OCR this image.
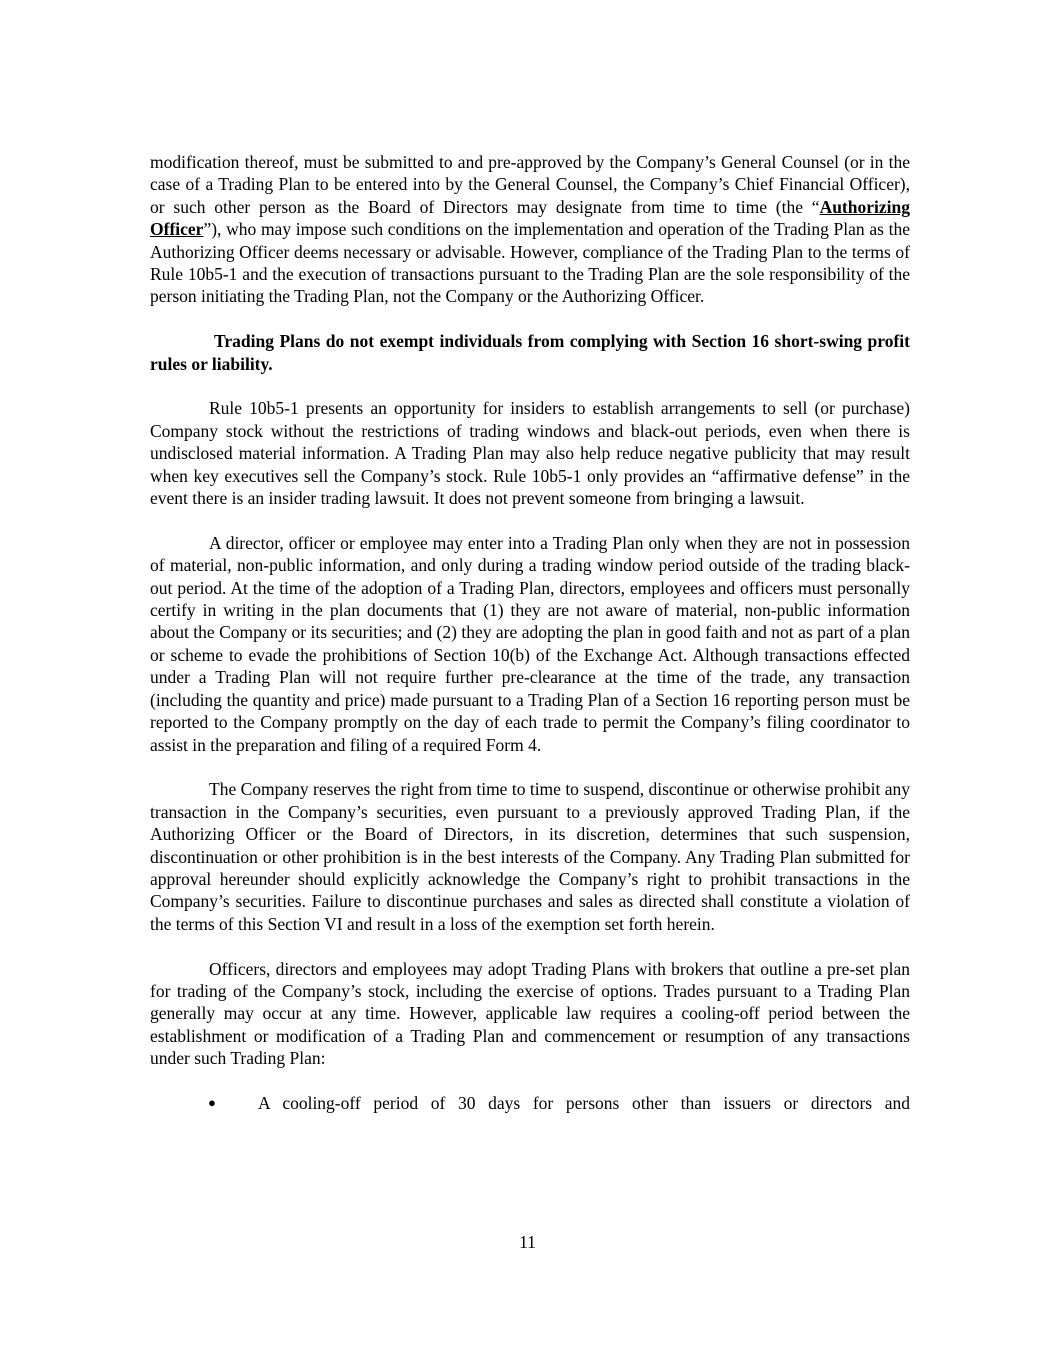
modification thereof, must be submitted to and pre-approved by the Company’s General Counsel (or in the case of a Trading Plan to be entered into by the General Counsel, the Company’s Chief Financial Officer), or such other person as the Board of Directors may designate from time to time (the “Authorizing Officer”), who may impose such conditions on the implementation and operation of the Trading Plan as the Authorizing Officer deems necessary or advisable. However, compliance of the Trading Plan to the terms of Rule 10b5-1 and the execution of transactions pursuant to the Trading Plan are the sole responsibility of the person initiating the Trading Plan, not the Company or the Authorizing Officer.

Trading Plans do not exempt individuals from complying with Section 16 short-swing profit rules or liability.

Rule 10b5-1 presents an opportunity for insiders to establish arrangements to sell (or purchase) Company stock without the restrictions of trading windows and black-out periods, even when there is undisclosed material information. A Trading Plan may also help reduce negative publicity that may result when key executives sell the Company’s stock. Rule 10b5-1 only provides an “affirmative defense” in the event there is an insider trading lawsuit. It does not prevent someone from bringing a lawsuit.

A director, officer or employee may enter into a Trading Plan only when they are not in possession of material, non-public information, and only during a trading window period outside of the trading black-out period. At the time of the adoption of a Trading Plan, directors, employees and officers must personally certify in writing in the plan documents that (1) they are not aware of material, non-public information about the Company or its securities; and (2) they are adopting the plan in good faith and not as part of a plan or scheme to evade the prohibitions of Section 10(b) of the Exchange Act. Although transactions effected under a Trading Plan will not require further pre-clearance at the time of the trade, any transaction (including the quantity and price) made pursuant to a Trading Plan of a Section 16 reporting person must be reported to the Company promptly on the day of each trade to permit the Company’s filing coordinator to assist in the preparation and filing of a required Form 4.

The Company reserves the right from time to time to suspend, discontinue or otherwise prohibit any transaction in the Company’s securities, even pursuant to a previously approved Trading Plan, if the Authorizing Officer or the Board of Directors, in its discretion, determines that such suspension, discontinuation or other prohibition is in the best interests of the Company. Any Trading Plan submitted for approval hereunder should explicitly acknowledge the Company’s right to prohibit transactions in the Company’s securities. Failure to discontinue purchases and sales as directed shall constitute a violation of the terms of this Section VI and result in a loss of the exemption set forth herein.

Officers, directors and employees may adopt Trading Plans with brokers that outline a pre-set plan for trading of the Company’s stock, including the exercise of options. Trades pursuant to a Trading Plan generally may occur at any time. However, applicable law requires a cooling-off period between the establishment or modification of a Trading Plan and commencement or resumption of any transactions under such Trading Plan:

●	A cooling-off period of 30 days for persons other than issuers or directors and
11
